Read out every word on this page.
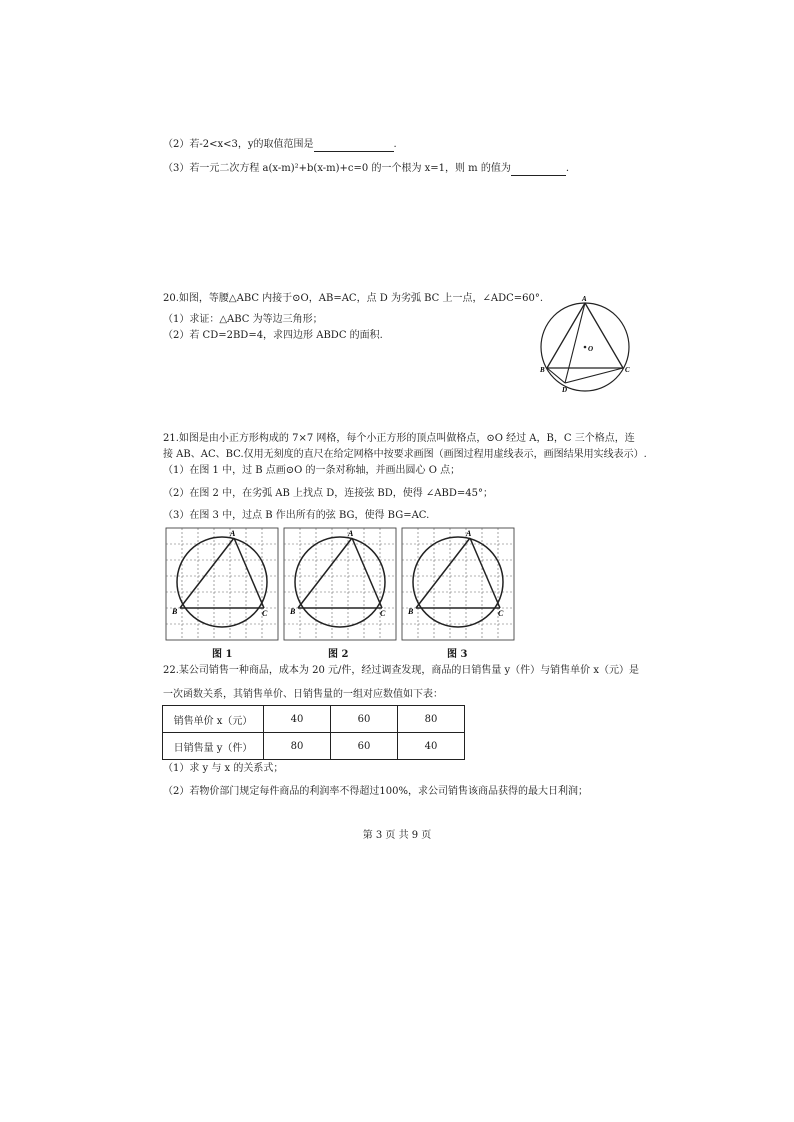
（2）若-2<x<3，y的取值范围是	.
（3）若一元二次方程 a(x-m)²+b(x-m)+c=0 的一个根为 x=1，则 m 的值为	.
20.如图，等腰△ABC 内接于⊙O，AB=AC，点 D 为劣弧 BC 上一点，∠ADC=60°.
（1）求证：△ABC 为等边三角形；
（2）若 CD=2BD=4，求四边形 ABDC 的面积.
A
O
B	C
D
21.如图是由小正方形构成的 7×7 网格，每个小正方形的顶点叫做格点，⊙O 经过 A，B，C 三个格点，连
接 AB、AC、BC.仅用无刻度的直尺在给定网格中按要求画图（画图过程用虚线表示，画图结果用实线表示）.
（1）在图 1 中，过 B 点画⊙O 的一条对称轴，并画出圆心 O 点；
（2）在图 2 中，在劣弧 AB 上找点 D，连接弦 BD，使得 ∠ABD=45°；
（3）在图 3 中，过点 B 作出所有的弦 BG，使得 BG=AC.
A
B	C
A
B	C
A
B	C
图 1	图 2	图 3
22.某公司销售一种商品，成本为 20 元/件，经过调查发现，商品的日销售量 y（件）与销售单价 x（元）是
一次函数关系，其销售单价、日销售量的一组对应数值如下表：
销售单价 x（元）	40	60	80
日销售量 y（件）	80	60	40
（1）求 y 与 x 的关系式；
（2）若物价部门规定每件商品的利润率不得超过100%，求公司销售该商品获得的最大日利润；
第 3 页 共 9 页
